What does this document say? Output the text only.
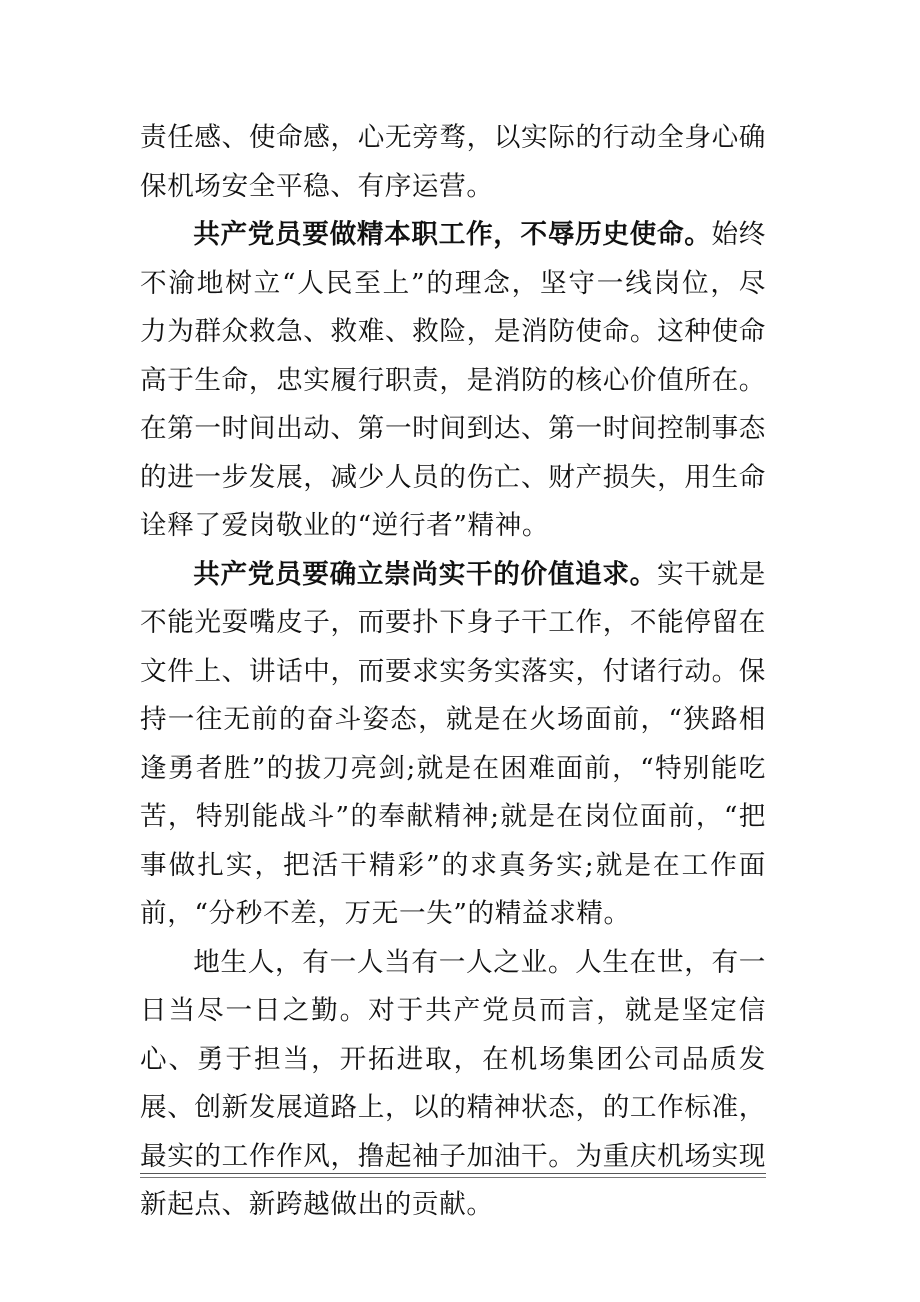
责任感、使命感，心无旁骛，以实际的行动全身心确保机场安全平稳、有序运营。

共产党员要做精本职工作，不辱历史使命。始终不渝地树立“人民至上”的理念，坚守一线岗位，尽力为群众救急、救难、救险，是消防使命。这种使命高于生命，忠实履行职责，是消防的核心价值所在。在第一时间出动、第一时间到达、第一时间控制事态的进一步发展，减少人员的伤亡、财产损失，用生命诠释了爱岗敬业的“逆行者”精神。

共产党员要确立崇尚实干的价值追求。实干就是不能光耍嘴皮子，而要扑下身子干工作，不能停留在文件上、讲话中，而要求实务实落实，付诸行动。保持一往无前的奋斗姿态，就是在火场面前，“狭路相逢勇者胜”的拔刀亮剑;就是在困难面前，“特别能吃苦，特别能战斗”的奉献精神;就是在岗位面前，“把事做扎实，把活干精彩”的求真务实;就是在工作面前，“分秒不差，万无一失”的精益求精。

地生人，有一人当有一人之业。人生在世，有一日当尽一日之勤。对于共产党员而言，就是坚定信心、勇于担当，开拓进取，在机场集团公司品质发展、创新发展道路上，以的精神状态，的工作标准，最实的工作作风，撸起袖子加油干。为重庆机场实现新起点、新跨越做出的贡献。
